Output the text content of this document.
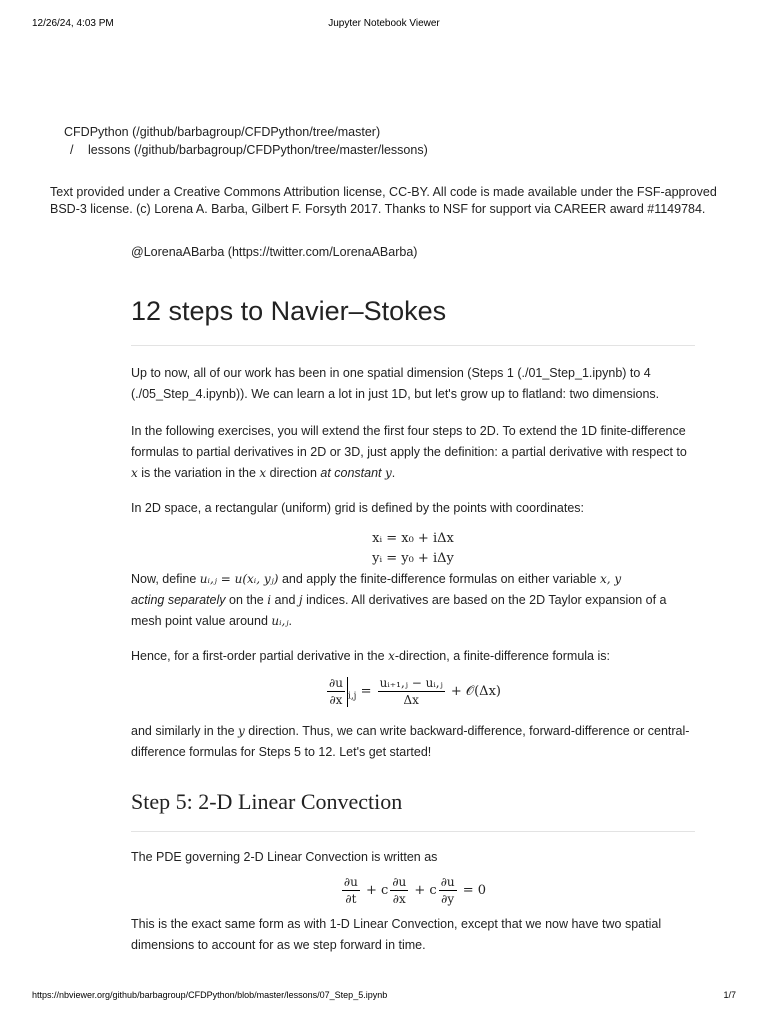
12/26/24, 4:03 PM	Jupyter Notebook Viewer
CFDPython (/github/barbagroup/CFDPython/tree/master)
/ lessons (/github/barbagroup/CFDPython/tree/master/lessons)
Text provided under a Creative Commons Attribution license, CC-BY. All code is made available under the FSF-approved BSD-3 license. (c) Lorena A. Barba, Gilbert F. Forsyth 2017. Thanks to NSF for support via CAREER award #1149784.
@LorenaABarba (https://twitter.com/LorenaABarba)
12 steps to Navier–Stokes

Up to now, all of our work has been in one spatial dimension (Steps 1 (./01_Step_1.ipynb) to 4 (./05_Step_4.ipynb)). We can learn a lot in just 1D, but let's grow up to flatland: two dimensions.

In the following exercises, you will extend the first four steps to 2D. To extend the 1D finite-difference formulas to partial derivatives in 2D or 3D, just apply the definition: a partial derivative with respect to x is the variation in the x direction at constant y.

In 2D space, a rectangular (uniform) grid is defined by the points with coordinates:

xᵢ = x₀ + iΔx
yᵢ = y₀ + iΔy

Now, define uᵢ,ⱼ = u(xᵢ, yⱼ) and apply the finite-difference formulas on either variable x, y
acting separately on the i and j indices. All derivatives are based on the 2D Taylor expansion of a mesh point value around uᵢ,ⱼ.

Hence, for a first-order partial derivative in the x-direction, a finite-difference formula is:

$\frac{\partial u}{\partial x} _{i,j} = \frac{\text{uᵢ₊₁,ⱼ − uᵢ,ⱼ}}{\Delta x}$ + 𝒪(Δx)

and similarly in the y direction. Thus, we can write backward-difference, forward-difference or central-difference formulas for Steps 5 to 12. Let's get started!

Step 5: 2-D Linear Convection

The PDE governing 2-D Linear Convection is written as

$\frac{\partial u}{\partial t} + c \frac{\partial u}{\partial x} + c \frac{\partial u}{\partial y} = 0$

This is the exact same form as with 1-D Linear Convection, except that we now have two spatial dimensions to account for as we step forward in time.

https://nbviewer.org/github/barbagroup/CFDPython/blob/master/lessons/07_Step_5.ipynb	1/7
